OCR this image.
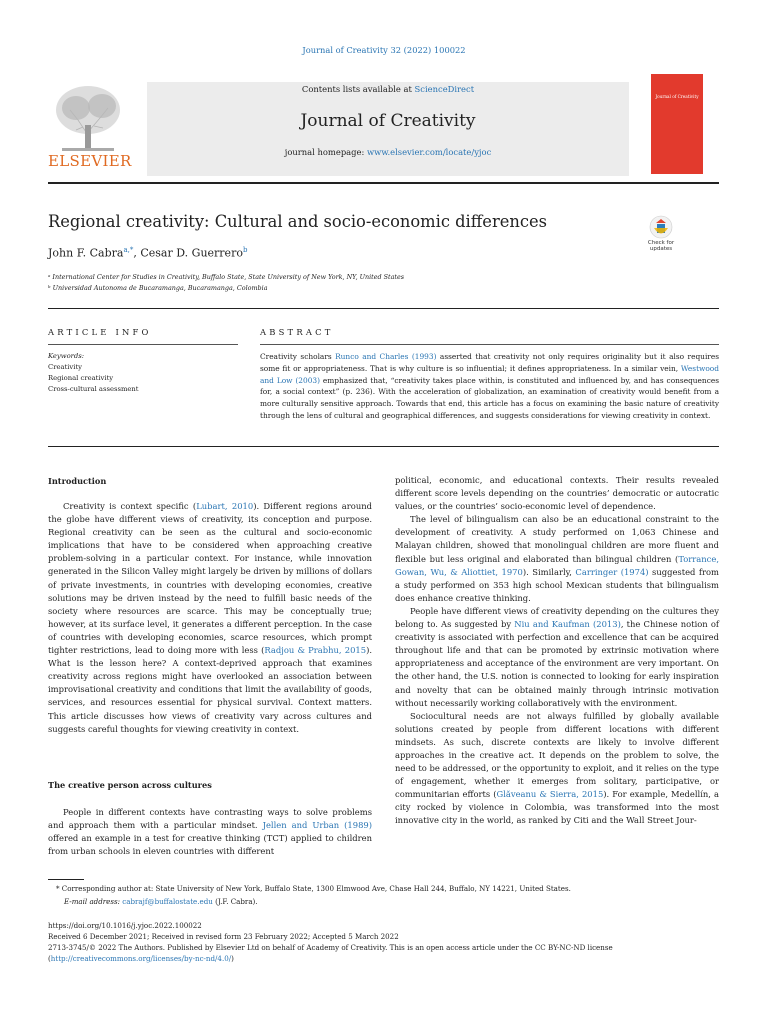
Journal of Creativity 32 (2022) 100022
ELSEVIER
Contents lists available at ScienceDirect
Journal of Creativity
journal homepage: www.elsevier.com/locate/yjoc
Journal of Creativity
Regional creativity: Cultural and socio-economic differences
John F. Cabra$^{a,*}$, Cesar D. Guerrero$^b$
Check for updates
ᵃ International Center for Studies in Creativity, Buffalo State, State University of New York, NY, United States
ᵇ Universidad Autonoma de Bucaramanga, Bucaramanga, Colombia
ARTICLE INFO
Keywords:
Creativity
Regional creativity
Cross-cultural assessment
ABSTRACT
Creativity scholars Runco and Charles (1993) asserted that creativity not only requires originality but it also requires some fit or appropriateness. That is why culture is so influential; it defines appropriateness. In a similar vein, Westwood and Low (2003) emphasized that, “creativity takes place within, is constituted and influenced by, and has consequences for, a social context” (p. 236). With the acceleration of globalization, an examination of creativity would benefit from a more culturally sensitive approach. Towards that end, this article has a focus on examining the basic nature of creativity through the lens of cultural and geographical differences, and suggests considerations for viewing creativity in context.
Introduction

Creativity is context specific (Lubart, 2010). Different regions around the globe have different views of creativity, its conception and purpose. Regional creativity can be seen as the cultural and socio-economic implications that have to be considered when approaching creative problem-solving in a particular context. For instance, while innovation generated in the Silicon Valley might largely be driven by millions of dollars of private investments, in countries with developing economies, creative solutions may be driven instead by the need to fulfill basic needs of the society where resources are scarce. This may be conceptually true; however, at its surface level, it generates a different perception. In the case of countries with developing economies, scarce resources, which prompt tighter restrictions, lead to doing more with less (Radjou & Prabhu, 2015). What is the lesson here? A context-deprived approach that examines creativity across regions might have overlooked an association between improvisational creativity and conditions that limit the availability of goods, services, and resources essential for physical survival. Context matters. This article discusses how views of creativity vary across cultures and suggests careful thoughts for viewing creativity in context.

The creative person across cultures

People in different contexts have contrasting ways to solve problems and approach them with a particular mindset. Jellen and Urban (1989) offered an example in a test for creative thinking (TCT) applied to children from urban schools in eleven countries with different

political, economic, and educational contexts. Their results revealed different score levels depending on the countries’ democratic or autocratic values, or the countries’ socio-economic level of dependence.

The level of bilingualism can also be an educational constraint to the development of creativity. A study performed on 1,063 Chinese and Malayan children, showed that monolingual children are more fluent and flexible but less original and elaborated than bilingual children (Torrance, Gowan, Wu, & Aliottiet, 1970). Similarly, Carringer (1974) suggested from a study performed on 353 high school Mexican students that bilingualism does enhance creative thinking.

People have different views of creativity depending on the cultures they belong to. As suggested by Niu and Kaufman (2013), the Chinese notion of creativity is associated with perfection and excellence that can be acquired throughout life and that can be promoted by extrinsic motivation where appropriateness and acceptance of the environment are very important. On the other hand, the U.S. notion is connected to looking for early inspiration and novelty that can be obtained mainly through intrinsic motivation without necessarily working collaboratively with the environment.

Sociocultural needs are not always fulfilled by globally available solutions created by people from different locations with different mindsets. As such, discrete contexts are likely to involve different approaches in the creative act. It depends on the problem to solve, the need to be addressed, or the opportunity to exploit, and it relies on the type of engagement, whether it emerges from solitary, participative, or communitarian efforts (Glăveanu & Sierra, 2015). For example, Medellín, a city rocked by violence in Colombia, was transformed into the most innovative city in the world, as ranked by Citi and the Wall Street Jour-

* Corresponding author at: State University of New York, Buffalo State, 1300 Elmwood Ave, Chase Hall 244, Buffalo, NY 14221, United States.
E-mail address: cabrajf@buffalostate.edu (J.F. Cabra).
https://doi.org/10.1016/j.yjoc.2022.100022
Received 6 December 2021; Received in revised form 23 February 2022; Accepted 5 March 2022
2713-3745/© 2022 The Authors. Published by Elsevier Ltd on behalf of Academy of Creativity. This is an open access article under the CC BY-NC-ND license
(http://creativecommons.org/licenses/by-nc-nd/4.0/)
